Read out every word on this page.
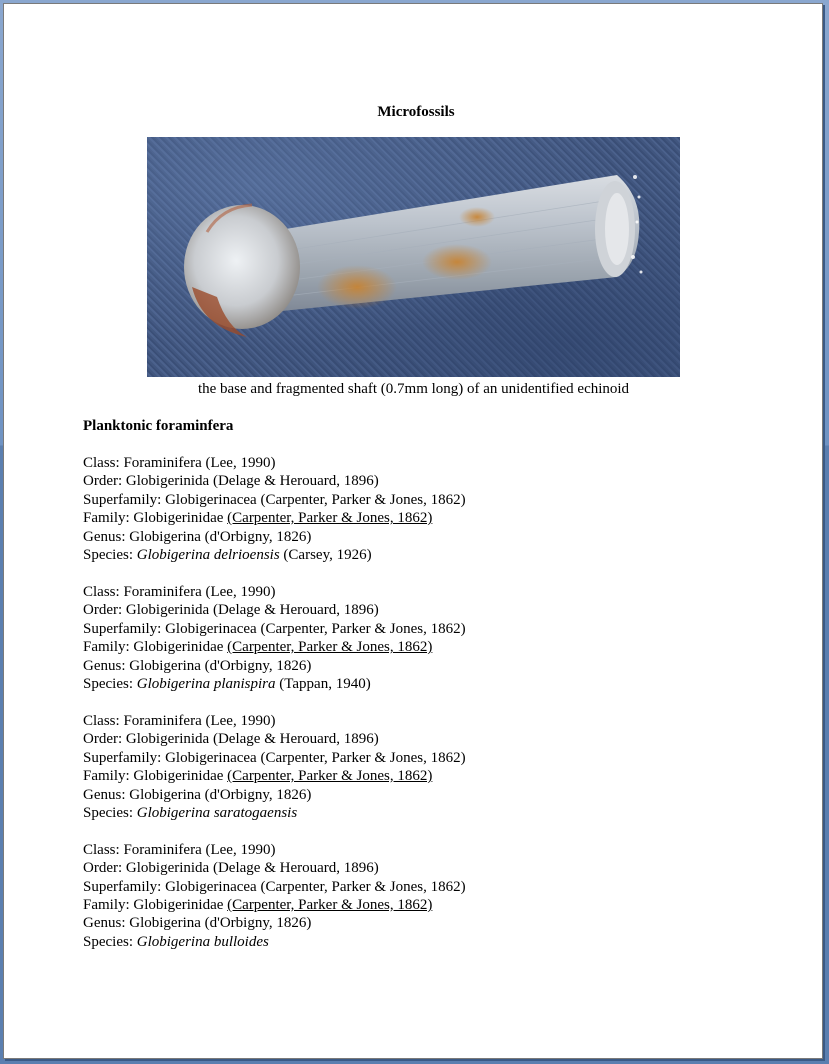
Microfossils
the base and fragmented shaft (0.7mm long) of an unidentified echinoid
Planktonic foraminfera
Class: Foraminifera (Lee, 1990)
Order: Globigerinida (Delage & Herouard, 1896)
Superfamily: Globigerinacea (Carpenter, Parker & Jones, 1862)
Family: Globigerinidae (Carpenter, Parker & Jones, 1862)
Genus: Globigerina (d'Orbigny, 1826)
Species: Globigerina delrioensis (Carsey, 1926)
Class: Foraminifera (Lee, 1990)
Order: Globigerinida (Delage & Herouard, 1896)
Superfamily: Globigerinacea (Carpenter, Parker & Jones, 1862)
Family: Globigerinidae (Carpenter, Parker & Jones, 1862)
Genus: Globigerina (d'Orbigny, 1826)
Species: Globigerina planispira (Tappan, 1940)
Class: Foraminifera (Lee, 1990)
Order: Globigerinida (Delage & Herouard, 1896)
Superfamily: Globigerinacea (Carpenter, Parker & Jones, 1862)
Family: Globigerinidae (Carpenter, Parker & Jones, 1862)
Genus: Globigerina (d'Orbigny, 1826)
Species: Globigerina saratogaensis
Class: Foraminifera (Lee, 1990)
Order: Globigerinida (Delage & Herouard, 1896)
Superfamily: Globigerinacea (Carpenter, Parker & Jones, 1862)
Family: Globigerinidae (Carpenter, Parker & Jones, 1862)
Genus: Globigerina (d'Orbigny, 1826)
Species: Globigerina bulloides
